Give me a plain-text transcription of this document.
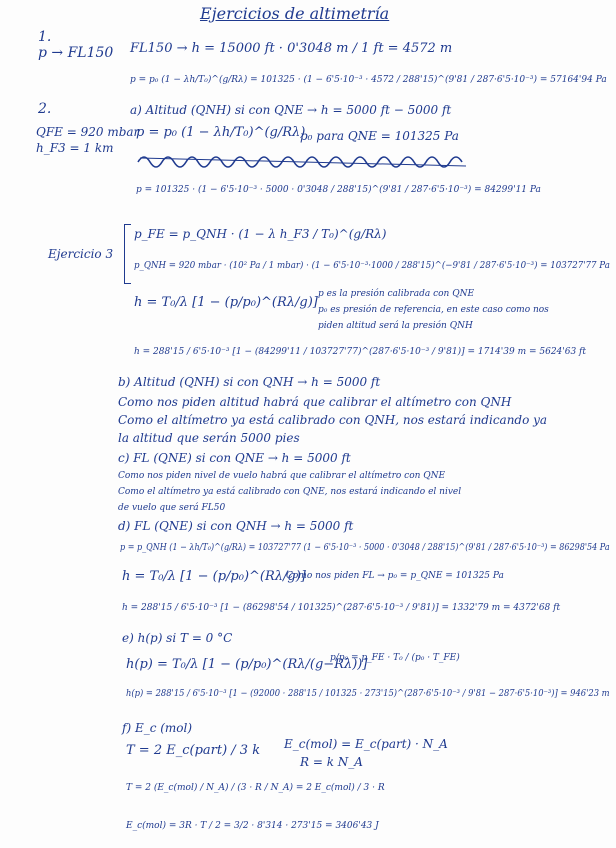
Ejercicios de altimetría
1.
p → FL150 FL150 → h = 15000 ft · 0'3048 m / 1 ft = 4572 m
p = p₀ (1 − λh/T₀)^(g/Rλ) = 101325 · (1 − 6'5·10⁻³ · 4572 / 288'15)^(9'81 / 287·6'5·10⁻³) = 57164'94 Pa
2.
QFE = 920 mbar
h_F3 = 1 km
a) Altitud (QNH) si con QNE → h = 5000 ft − 5000 ft
p = p₀ (1 − λh/T₀)^(g/Rλ)
p₀ para QNE = 101325 Pa
p = 101325 · (1 − 6'5·10⁻³ · 5000 · 0'3048 / 288'15)^(9'81 / 287·6'5·10⁻³) = 84299'11 Pa
Ejercicio 3
p_FE = p_QNH · (1 − λ h_F3 / T₀)^(g/Rλ)
p_QNH = 920 mbar · (10² Pa / 1 mbar) · (1 − 6'5·10⁻³·1000 / 288'15)^(−9'81 / 287·6'5·10⁻³) = 103727'77 Pa
h = T₀/λ [1 − (p/p₀)^(Rλ/g)]
p es la presión calibrada con QNE
p₀ es presión de referencia, en este caso como nos
piden altitud será la presión QNH
h = 288'15 / 6'5·10⁻³ [1 − (84299'11 / 103727'77)^(287·6'5·10⁻³ / 9'81)] = 1714'39 m = 5624'63 ft
b) Altitud (QNH) si con QNH → h = 5000 ft
Como nos piden altitud habrá que calibrar el altímetro con QNH
Como el altímetro ya está calibrado con QNH, nos estará indicando ya
la altitud que serán 5000 pies
c) FL (QNE) si con QNE → h = 5000 ft
Como nos piden nivel de vuelo habrá que calibrar el altímetro con QNE
Como el altímetro ya está calibrado con QNE, nos estará indicando el nivel
de vuelo que será FL50
d) FL (QNE) si con QNH → h = 5000 ft
p = p_QNH (1 − λh/T₀)^(g/Rλ) = 103727'77 (1 − 6'5·10⁻³ · 5000 · 0'3048 / 288'15)^(9'81 / 287·6'5·10⁻³) = 86298'54 Pa
h = T₀/λ [1 − (p/p₀)^(Rλ/g)]
Como nos piden FL → p₀ = p_QNE = 101325 Pa
h = 288'15 / 6'5·10⁻³ [1 − (86298'54 / 101325)^(287·6'5·10⁻³ / 9'81)] = 1332'79 m = 4372'68 ft
e) h(p) si T = 0 °C
h(p) = T₀/λ [1 − (p/p₀)^(Rλ/(g−Rλ))]
p/p₀ = p_FE · T₀ / (p₀ · T_FE)
h(p) = 288'15 / 6'5·10⁻³ [1 − (92000 · 288'15 / 101325 · 273'15)^(287·6'5·10⁻³ / 9'81 − 287·6'5·10⁻³)] = 946'23 m
f) E_c (mol)
T = 2 E_c(part) / 3 k E_c(mol) = E_c(part) · N_A
R = k N_A
T = 2 (E_c(mol) / N_A) / (3 · R / N_A) = 2 E_c(mol) / 3 · R
E_c(mol) = 3R · T / 2 = 3/2 · 8'314 · 273'15 = 3406'43 J
